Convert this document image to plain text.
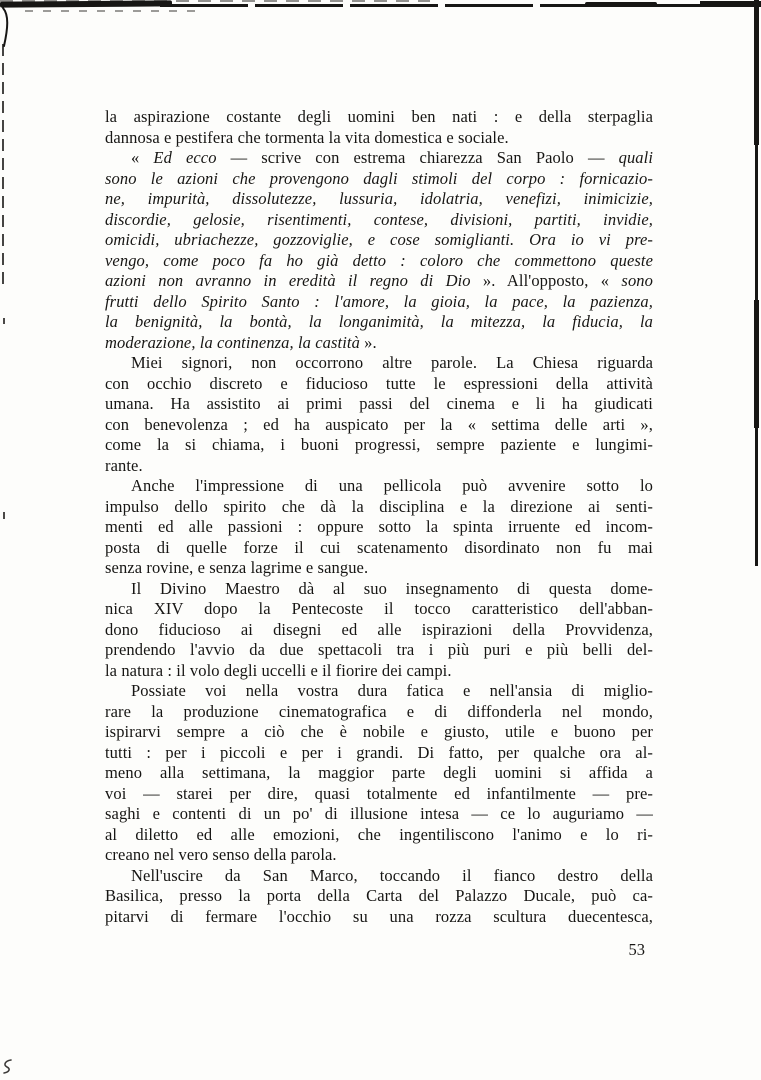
la aspirazione costante degli uomini ben nati : e della sterpaglia
dannosa e pestifera che tormenta la vita domestica e sociale.
« Ed ecco — scrive con estrema chiarezza San Paolo — quali
sono le azioni che provengono dagli stimoli del corpo : fornicazio-
ne, impurità, dissolutezze, lussuria, idolatria, venefizi, inimicizie,
discordie, gelosie, risentimenti, contese, divisioni, partiti, invidie,
omicidi, ubriachezze, gozzoviglie, e cose somiglianti. Ora io vi pre-
vengo, come poco fa ho già detto : coloro che commettono queste
azioni non avranno in eredità il regno di Dio ». All'opposto, « sono
frutti dello Spirito Santo : l'amore, la gioia, la pace, la pazienza,
la benignità, la bontà, la longanimità, la mitezza, la fiducia, la
moderazione, la continenza, la castità ».
Miei signori, non occorrono altre parole. La Chiesa riguarda
con occhio discreto e fiducioso tutte le espressioni della attività
umana. Ha assistito ai primi passi del cinema e li ha giudicati
con benevolenza ; ed ha auspicato per la « settima delle arti »,
come la si chiama, i buoni progressi, sempre paziente e lungimi-
rante.
Anche l'impressione di una pellicola può avvenire sotto lo
impulso dello spirito che dà la disciplina e la direzione ai senti-
menti ed alle passioni : oppure sotto la spinta irruente ed incom-
posta di quelle forze il cui scatenamento disordinato non fu mai
senza rovine, e senza lagrime e sangue.
Il Divino Maestro dà al suo insegnamento di questa dome-
nica XIV dopo la Pentecoste il tocco caratteristico dell'abban-
dono fiducioso ai disegni ed alle ispirazioni della Provvidenza,
prendendo l'avvio da due spettacoli tra i più puri e più belli del-
la natura : il volo degli uccelli e il fiorire dei campi.
Possiate voi nella vostra dura fatica e nell'ansia di miglio-
rare la produzione cinematografica e di diffonderla nel mondo,
ispirarvi sempre a ciò che è nobile e giusto, utile e buono per
tutti : per i piccoli e per i grandi. Di fatto, per qualche ora al-
meno alla settimana, la maggior parte degli uomini si affida a
voi — starei per dire, quasi totalmente ed infantilmente — pre-
saghi e contenti di un po' di illusione intesa — ce lo auguriamo —
al diletto ed alle emozioni, che ingentiliscono l'animo e lo ri-
creano nel vero senso della parola.
Nell'uscire da San Marco, toccando il fianco destro della
Basilica, presso la porta della Carta del Palazzo Ducale, può ca-
pitarvi di fermare l'occhio su una rozza scultura duecentesca,
53
